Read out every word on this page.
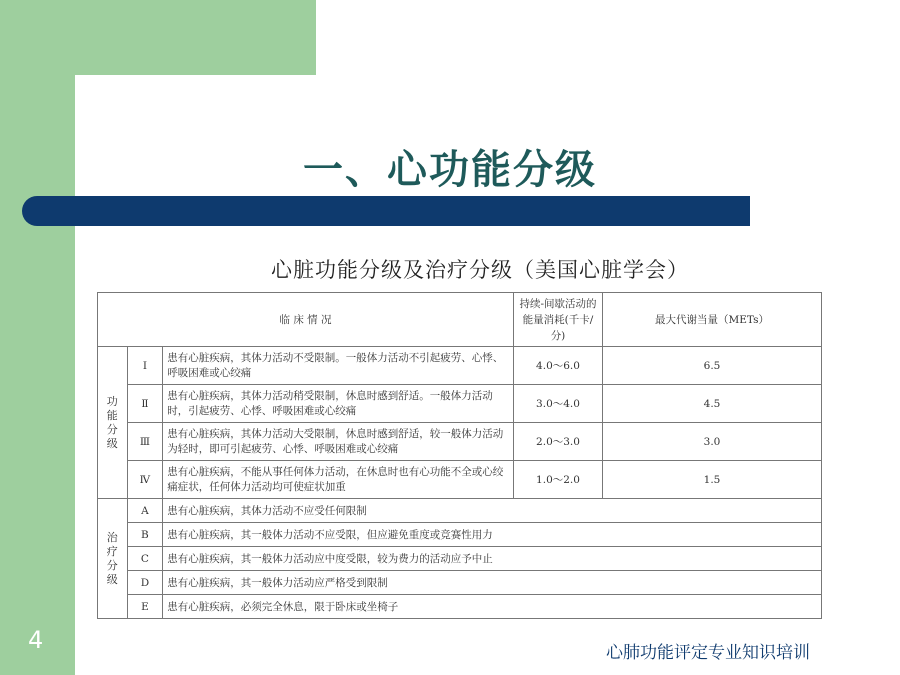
一、心功能分级
心脏功能分级及治疗分级（美国心脏学会）
临 床 情 况			持续-间歇活动的能量消耗(千卡/分)	最大代谢当量（METs）
功能分级	Ⅰ	患有心脏疾病，其体力活动不受限制。一般体力活动不引起疲劳、心悸、呼吸困难或心绞痛	4.0～6.0	6.5
	Ⅱ	患有心脏疾病，其体力活动稍受限制，休息时感到舒适。一般体力活动时，引起疲劳、心悸、呼吸困难或心绞痛	3.0～4.0	4.5
	Ⅲ	患有心脏疾病，其体力活动大受限制，休息时感到舒适，较一般体力活动为轻时，即可引起疲劳、心悸、呼吸困难或心绞痛	2.0～3.0	3.0
	Ⅳ	患有心脏疾病，不能从事任何体力活动，在休息时也有心功能不全或心绞痛症状，任何体力活动均可使症状加重	1.0～2.0	1.5
治疗分级	A	患有心脏疾病，其体力活动不应受任何限制		
	B	患有心脏疾病，其一般体力活动不应受限，但应避免重度或竞赛性用力		
	C	患有心脏疾病，其一般体力活动应中度受限，较为费力的活动应予中止		
	D	患有心脏疾病，其一般体力活动应严格受到限制		
	E	患有心脏疾病，必须完全休息，限于卧床或坐椅子		
4	心肺功能评定专业知识培训
